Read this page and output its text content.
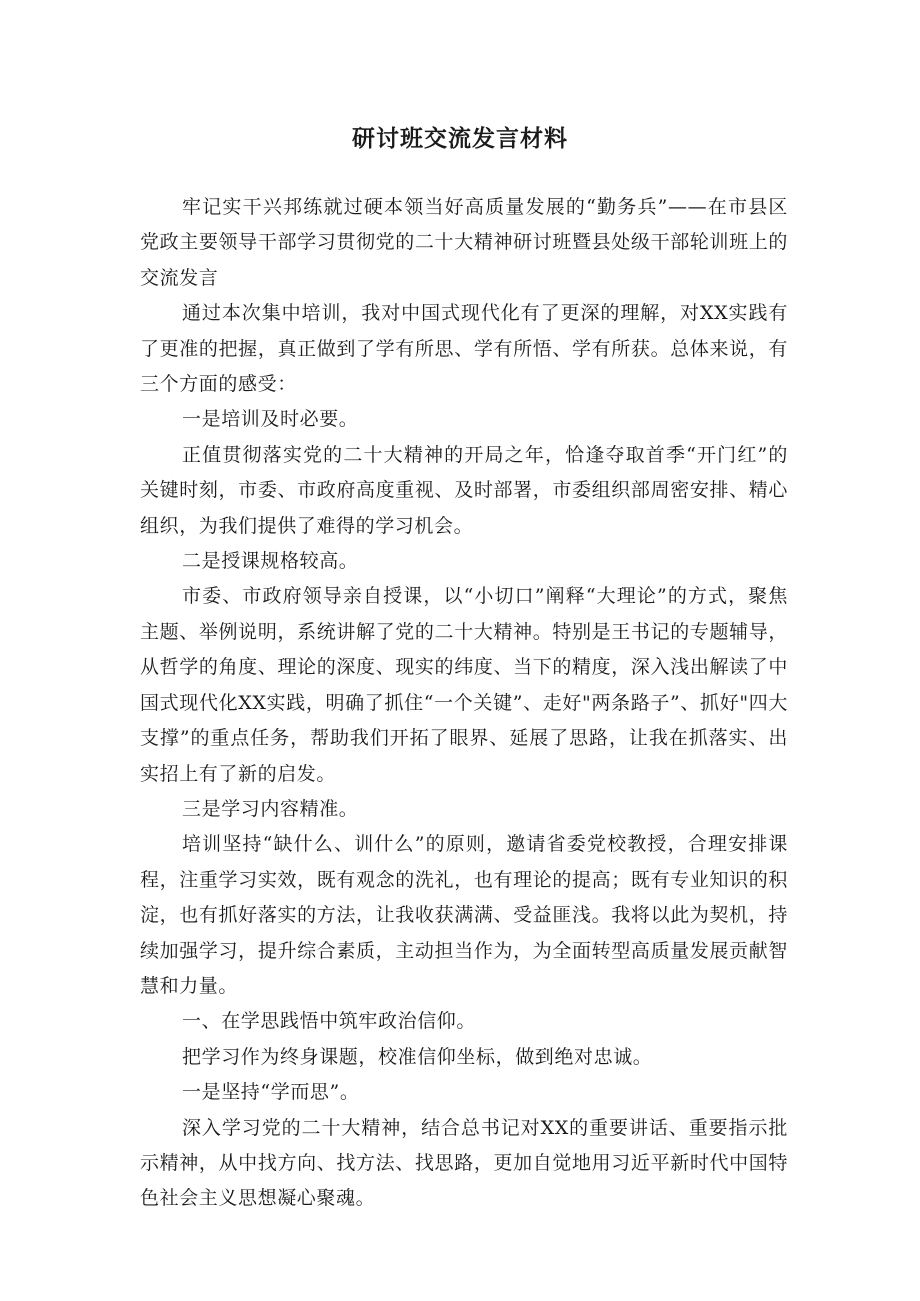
研讨班交流发言材料

牢记实干兴邦练就过硬本领当好高质量发展的“勤务兵”——在市县区党政主要领导干部学习贯彻党的二十大精神研讨班暨县处级干部轮训班上的交流发言

通过本次集中培训，我对中国式现代化有了更深的理解，对XX实践有了更准的把握，真正做到了学有所思、学有所悟、学有所获。总体来说，有三个方面的感受：

一是培训及时必要。

正值贯彻落实党的二十大精神的开局之年，恰逢夺取首季“开门红”的关键时刻，市委、市政府高度重视、及时部署，市委组织部周密安排、精心组织，为我们提供了难得的学习机会。

二是授课规格较高。

市委、市政府领导亲自授课，以“小切口”阐释“大理论”的方式，聚焦主题、举例说明，系统讲解了党的二十大精神。特别是王书记的专题辅导，从哲学的角度、理论的深度、现实的纬度、当下的精度，深入浅出解读了中国式现代化XX实践，明确了抓住“一个关键”、走好"两条路子”、抓好"四大支撑”的重点任务，帮助我们开拓了眼界、延展了思路，让我在抓落实、出实招上有了新的启发。

三是学习内容精准。

培训坚持“缺什么、训什么”的原则，邀请省委党校教授，合理安排课程，注重学习实效，既有观念的洗礼，也有理论的提高；既有专业知识的积淀，也有抓好落实的方法，让我收获满满、受益匪浅。我将以此为契机，持续加强学习，提升综合素质，主动担当作为，为全面转型高质量发展贡献智慧和力量。

一、在学思践悟中筑牢政治信仰。

把学习作为终身课题，校准信仰坐标，做到绝对忠诚。

一是坚持“学而思”。

深入学习党的二十大精神，结合总书记对XX的重要讲话、重要指示批示精神，从中找方向、找方法、找思路，更加自觉地用习近平新时代中国特色社会主义思想凝心聚魂。
